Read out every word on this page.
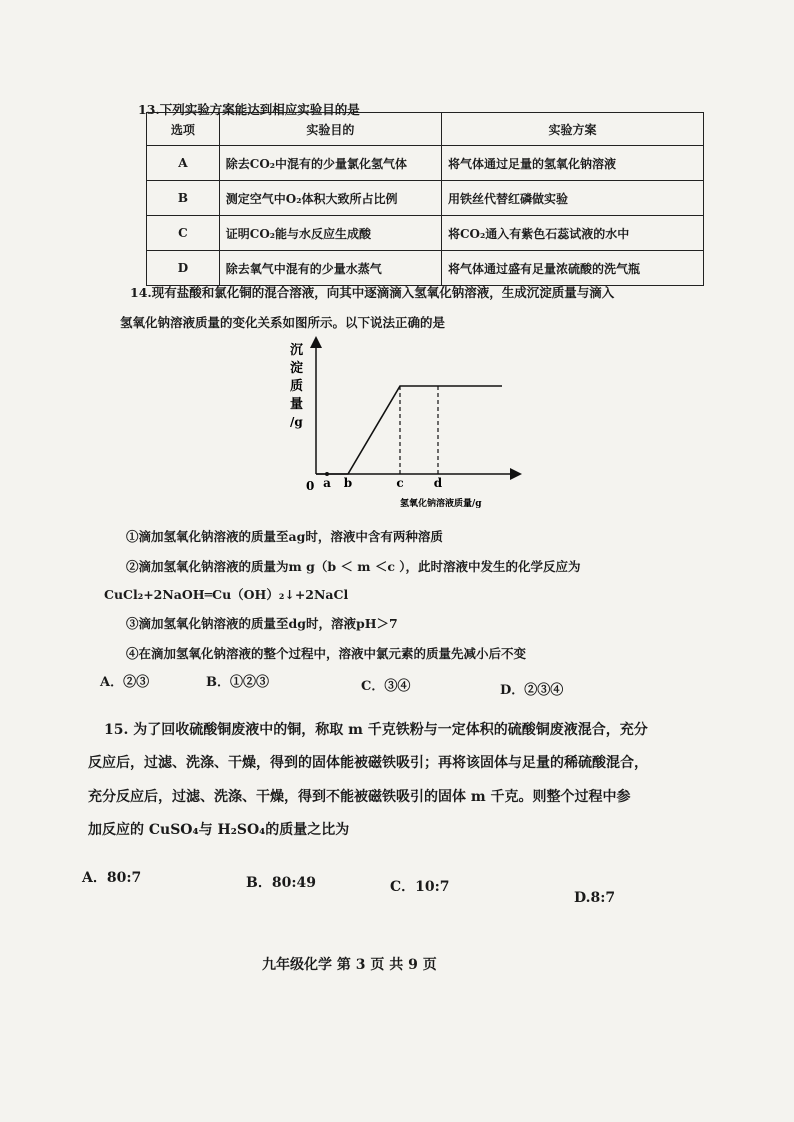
13.下列实验方案能达到相应实验目的是
选项	实验目的	实验方案
A	除去CO₂中混有的少量氯化氢气体	将气体通过足量的氢氧化钠溶液
B	测定空气中O₂体积大致所占比例	用铁丝代替红磷做实验
C	证明CO₂能与水反应生成酸	将CO₂通入有紫色石蕊试液的水中
D	除去氧气中混有的少量水蒸气	将气体通过盛有足量浓硫酸的洗气瓶
14.现有盐酸和氯化铜的混合溶液，向其中逐滴滴入氢氧化钠溶液，生成沉淀质量与滴入
氢氧化钠溶液质量的变化关系如图所示。以下说法正确的是
沉
淀
质
量
/g
0 a b	c	d
氢氧化钠溶液质量/g
①滴加氢氧化钠溶液的质量至ag时，溶液中含有两种溶质
②滴加氢氧化钠溶液的质量为m g（b ＜ m ＜c ），此时溶液中发生的化学反应为
CuCl₂+2NaOH═Cu（OH）₂↓+2NaCl
③滴加氢氧化钠溶液的质量至dg时，溶液pH＞7
④在滴加氢氧化钠溶液的整个过程中，溶液中氯元素的质量先减小后不变
A．②③	B．①②③	C．③④	D．②③④
15. 为了回收硫酸铜废液中的铜，称取 m 千克铁粉与一定体积的硫酸铜废液混合，充分
反应后，过滤、洗涤、干燥，得到的固体能被磁铁吸引；再将该固体与足量的稀硫酸混合，
充分反应后，过滤、洗涤、干燥，得到不能被磁铁吸引的固体 m 千克。则整个过程中参
加反应的 CuSO₄与 H₂SO₄的质量之比为
A．80:7	B．80:49	C．10:7
D.8:7
九年级化学 第 3 页 共 9 页
